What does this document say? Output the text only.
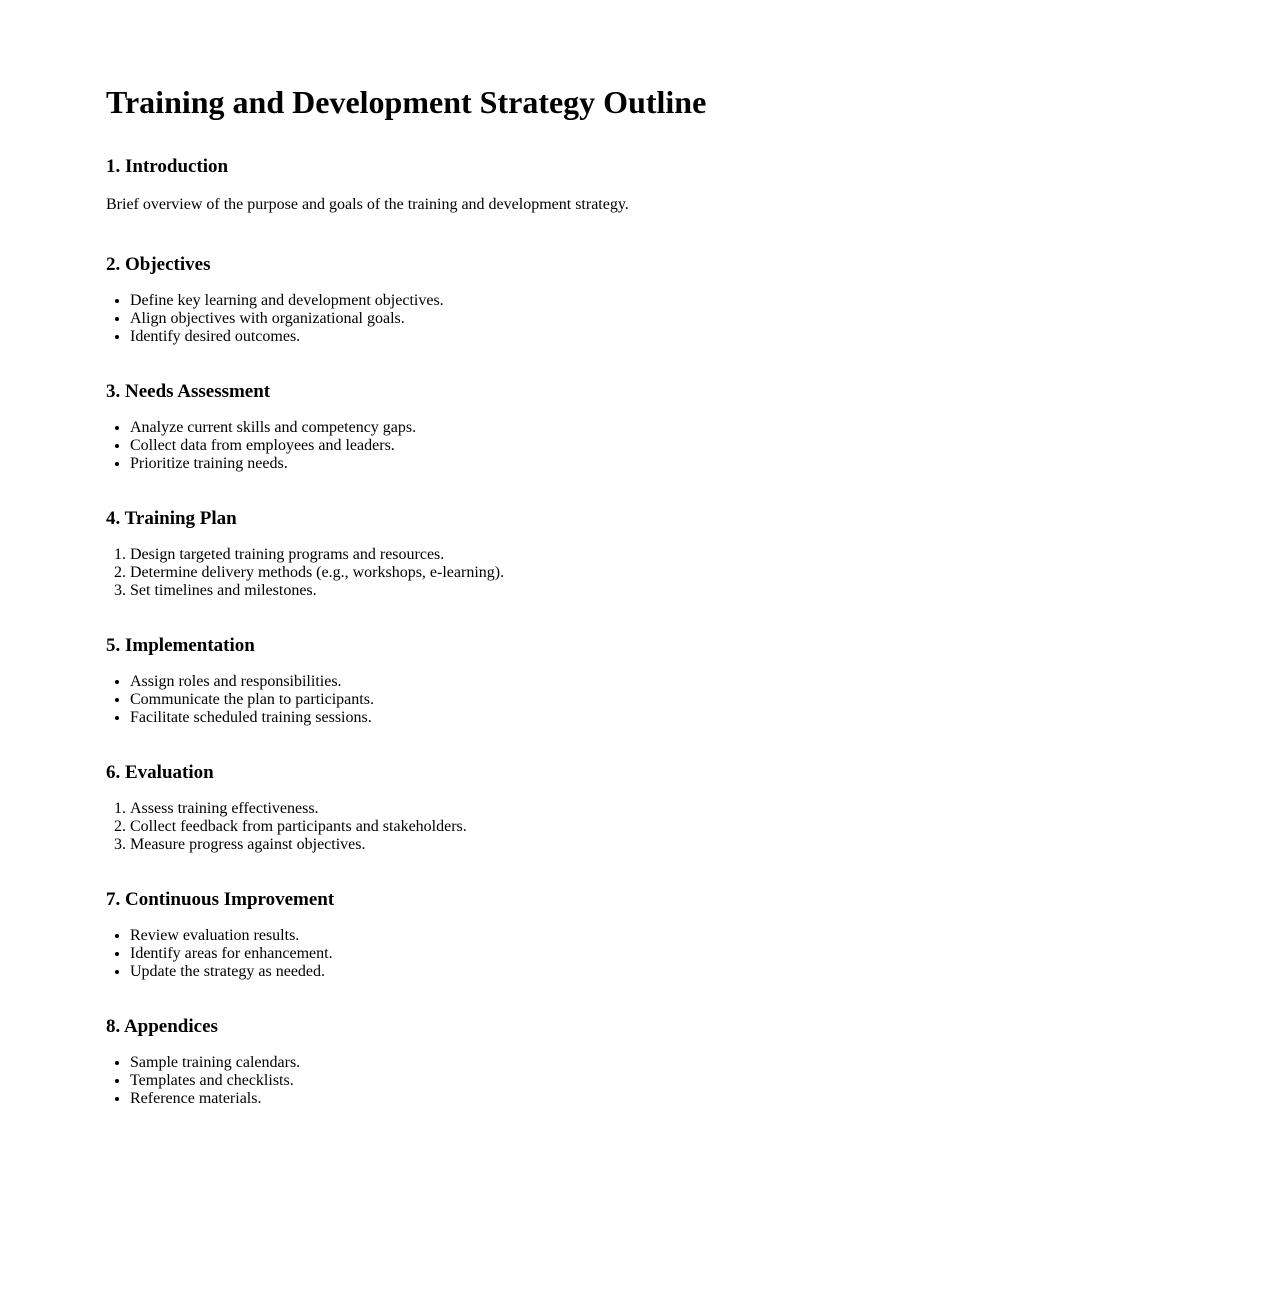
Training and Development Strategy Outline
1. Introduction

Brief overview of the purpose and goals of the training and development strategy.

2. Objectives
• Define key learning and development objectives.
• Align objectives with organizational goals.
• Identify desired outcomes.
3. Needs Assessment
• Analyze current skills and competency gaps.
• Collect data from employees and leaders.
• Prioritize training needs.
4. Training Plan
1. Design targeted training programs and resources.
2. Determine delivery methods (e.g., workshops, e-learning).
3. Set timelines and milestones.
5. Implementation
• Assign roles and responsibilities.
• Communicate the plan to participants.
• Facilitate scheduled training sessions.
6. Evaluation
1. Assess training effectiveness.
2. Collect feedback from participants and stakeholders.
3. Measure progress against objectives.
7. Continuous Improvement
• Review evaluation results.
• Identify areas for enhancement.
• Update the strategy as needed.
8. Appendices
• Sample training calendars.
• Templates and checklists.
• Reference materials.
